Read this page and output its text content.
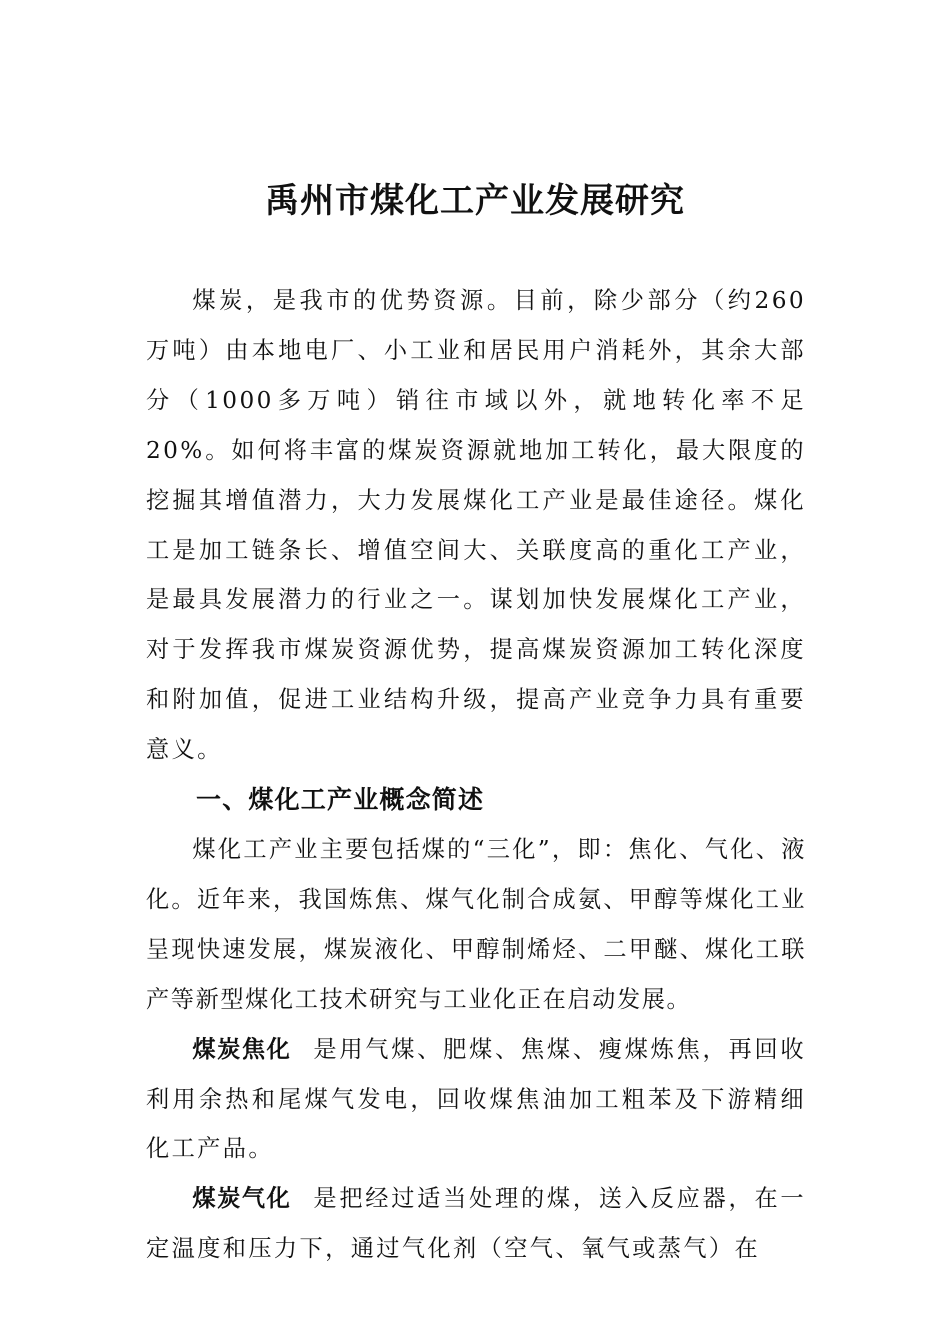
禹州市煤化工产业发展研究

煤炭，是我市的优势资源。目前，除少部分（约260万吨）由本地电厂、小工业和居民用户消耗外，其余大部分（1000多万吨）销往市域以外，就地转化率不足20%。如何将丰富的煤炭资源就地加工转化，最大限度的挖掘其增值潜力，大力发展煤化工产业是最佳途径。煤化工是加工链条长、增值空间大、关联度高的重化工产业，是最具发展潜力的行业之一。谋划加快发展煤化工产业，对于发挥我市煤炭资源优势，提高煤炭资源加工转化深度和附加值，促进工业结构升级，提高产业竞争力具有重要意义。

一、煤化工产业概念简述

煤化工产业主要包括煤的“三化”，即：焦化、气化、液化。近年来，我国炼焦、煤气化制合成氨、甲醇等煤化工业呈现快速发展，煤炭液化、甲醇制烯烃、二甲醚、煤化工联产等新型煤化工技术研究与工业化正在启动发展。

煤炭焦化 是用气煤、肥煤、焦煤、瘦煤炼焦，再回收利用余热和尾煤气发电，回收煤焦油加工粗苯及下游精细化工产品。

煤炭气化 是把经过适当处理的煤，送入反应器，在一定温度和压力下，通过气化剂（空气、氧气或蒸气）在
